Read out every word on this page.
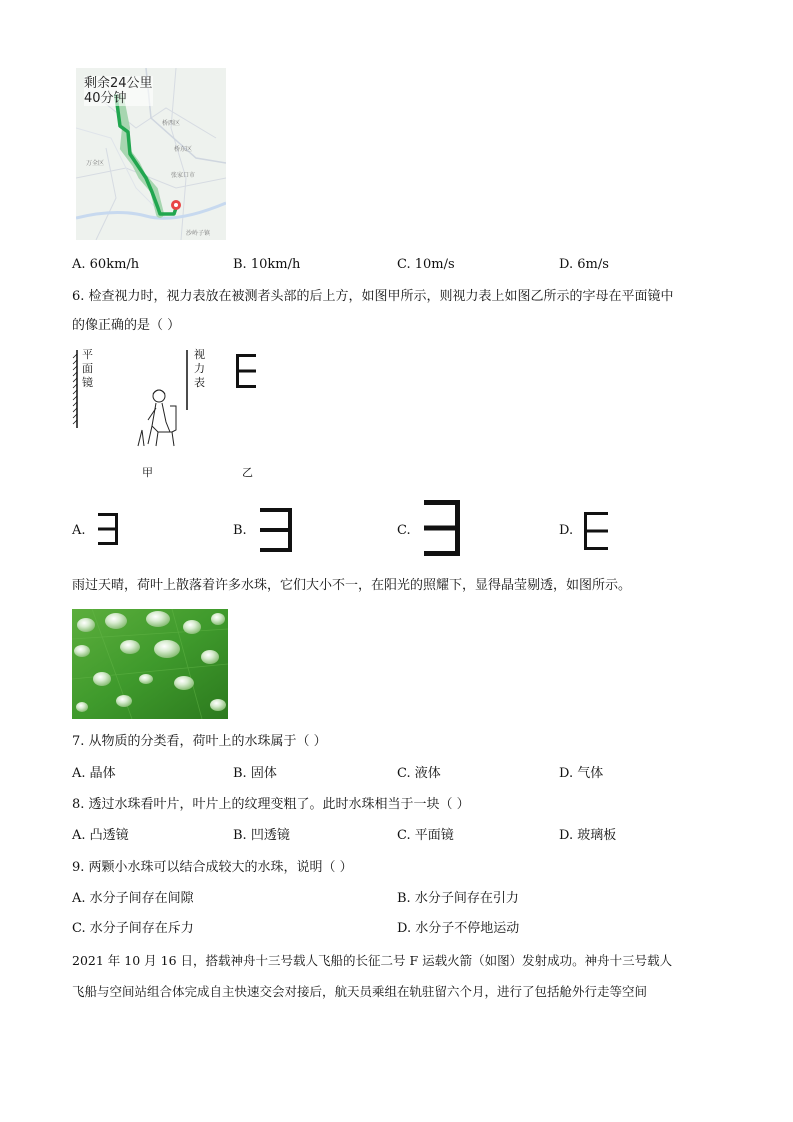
剩余24公里
40分钟
万全区
张家口市
桥西区
桥东区
沙岭子镇
A. 60km/h	B. 10km/h	C. 10m/s	D. 6m/s
6. 检查视力时，视力表放在被测者头部的后上方，如图甲所示，则视力表上如图乙所示的字母在平面镜中
的像正确的是（ ）
平面镜
视力表
甲	乙
A.	B.	C.	D.
雨过天晴，荷叶上散落着许多水珠，它们大小不一，在阳光的照耀下，显得晶莹剔透，如图所示。
7. 从物质的分类看，荷叶上的水珠属于（ ）
A. 晶体	B. 固体	C. 液体	D. 气体
8. 透过水珠看叶片，叶片上的纹理变粗了。此时水珠相当于一块（ ）
A. 凸透镜	B. 凹透镜	C. 平面镜	D. 玻璃板
9. 两颗小水珠可以结合成较大的水珠，说明（ ）
A. 水分子间存在间隙	B. 水分子间存在引力
C. 水分子间存在斥力	D. 水分子不停地运动
2021 年 10 月 16 日，搭载神舟十三号载人飞船的长征二号 F 运载火箭（如图）发射成功。神舟十三号载人
飞船与空间站组合体完成自主快速交会对接后，航天员乘组在轨驻留六个月，进行了包括舱外行走等空间
